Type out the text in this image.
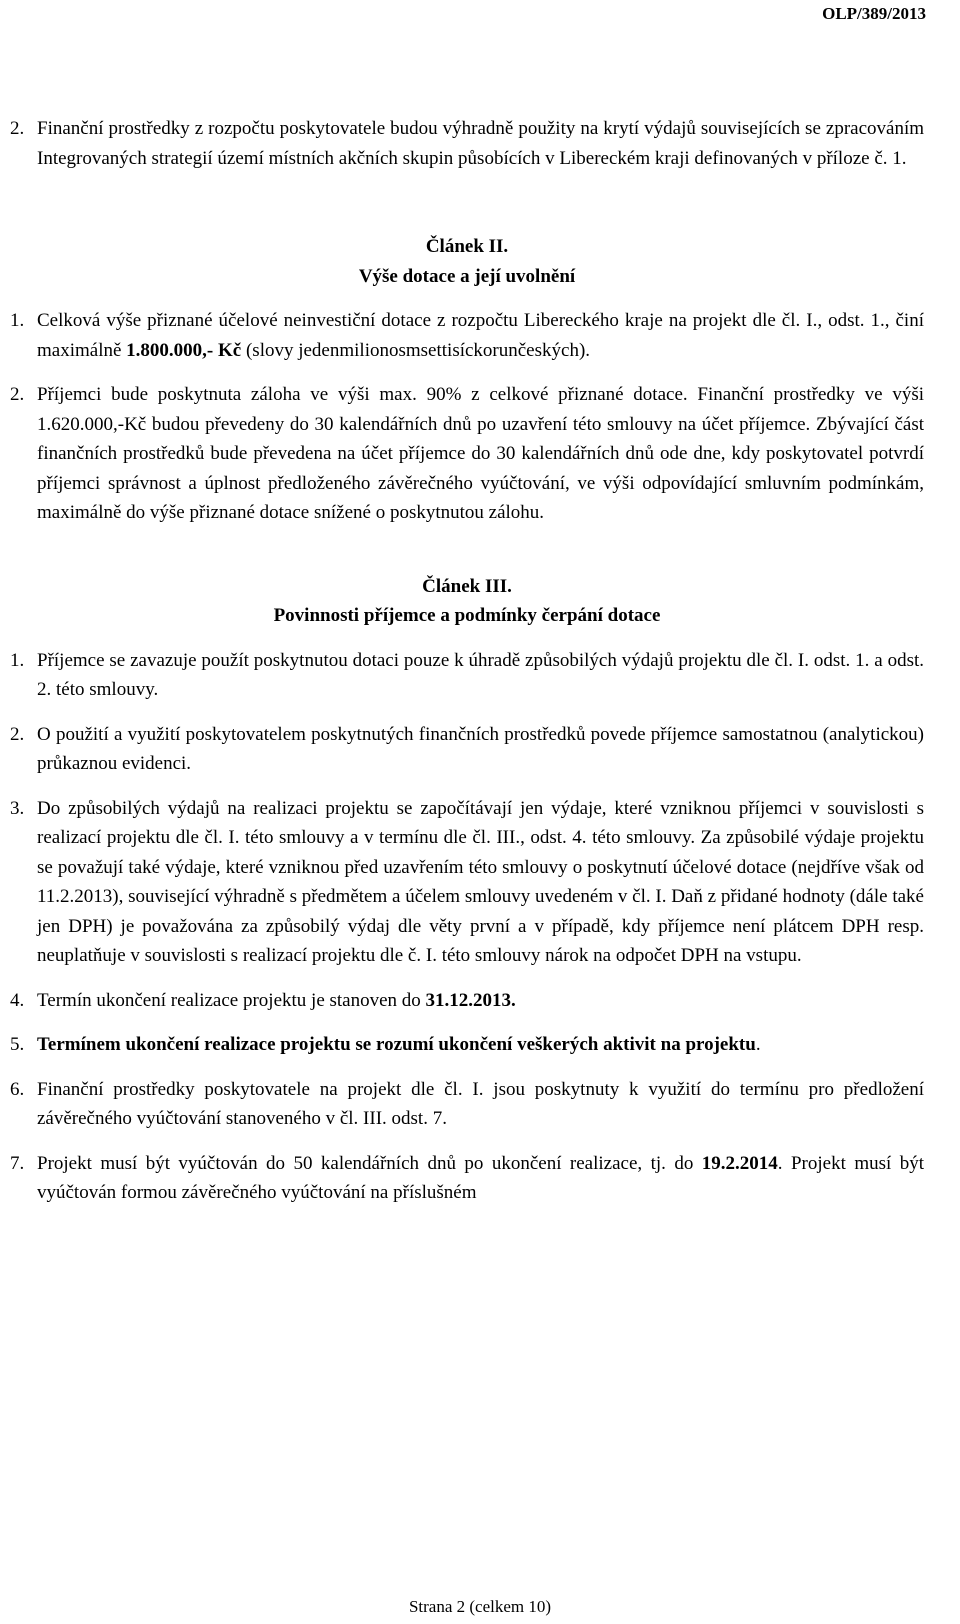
OLP/389/2013
2. Finanční prostředky z rozpočtu poskytovatele budou výhradně použity na krytí výdajů souvisejících se zpracováním Integrovaných strategií území místních akčních skupin působících v Libereckém kraji definovaných v příloze č. 1.
Článek II.
Výše dotace a její uvolnění
1. Celková výše přiznané účelové neinvestiční dotace z rozpočtu Libereckého kraje na projekt dle čl. I., odst. 1., činí maximálně 1.800.000,- Kč (slovy jedenmilionosmsettisíckorunčeských).
2. Příjemci bude poskytnuta záloha ve výši max. 90% z celkové přiznané dotace. Finanční prostředky ve výši 1.620.000,-Kč budou převedeny do 30 kalendářních dnů po uzavření této smlouvy na účet příjemce. Zbývající část finančních prostředků bude převedena na účet příjemce do 30 kalendářních dnů ode dne, kdy poskytovatel potvrdí příjemci správnost a úplnost předloženého závěrečného vyúčtování, ve výši odpovídající smluvním podmínkám, maximálně do výše přiznané dotace snížené o poskytnutou zálohu.
Článek III.
Povinnosti příjemce a podmínky čerpání dotace
1. Příjemce se zavazuje použít poskytnutou dotaci pouze k úhradě způsobilých výdajů projektu dle čl. I. odst. 1. a odst. 2. této smlouvy.
2. O použití a využití poskytovatelem poskytnutých finančních prostředků povede příjemce samostatnou (analytickou) průkaznou evidenci.
3. Do způsobilých výdajů na realizaci projektu se započítávají jen výdaje, které vzniknou příjemci v souvislosti s realizací projektu dle čl. I. této smlouvy a v termínu dle čl. III., odst. 4. této smlouvy. Za způsobilé výdaje projektu se považují také výdaje, které vzniknou před uzavřením této smlouvy o poskytnutí účelové dotace (nejdříve však od 11.2.2013), související výhradně s předmětem a účelem smlouvy uvedeném v čl. I. Daň z přidané hodnoty (dále také jen DPH) je považována za způsobilý výdaj dle věty první a v případě, kdy příjemce není plátcem DPH resp. neuplatňuje v souvislosti s realizací projektu dle č. I. této smlouvy nárok na odpočet DPH na vstupu.
4. Termín ukončení realizace projektu je stanoven do 31.12.2013.
5. Termínem ukončení realizace projektu se rozumí ukončení veškerých aktivit na projektu.
6. Finanční prostředky poskytovatele na projekt dle čl. I. jsou poskytnuty k využití do termínu pro předložení závěrečného vyúčtování stanoveného v čl. III. odst. 7.
7. Projekt musí být vyúčtován do 50 kalendářních dnů po ukončení realizace, tj. do 19.2.2014. Projekt musí být vyúčtován formou závěrečného vyúčtování na příslušném
Strana 2 (celkem 10)
